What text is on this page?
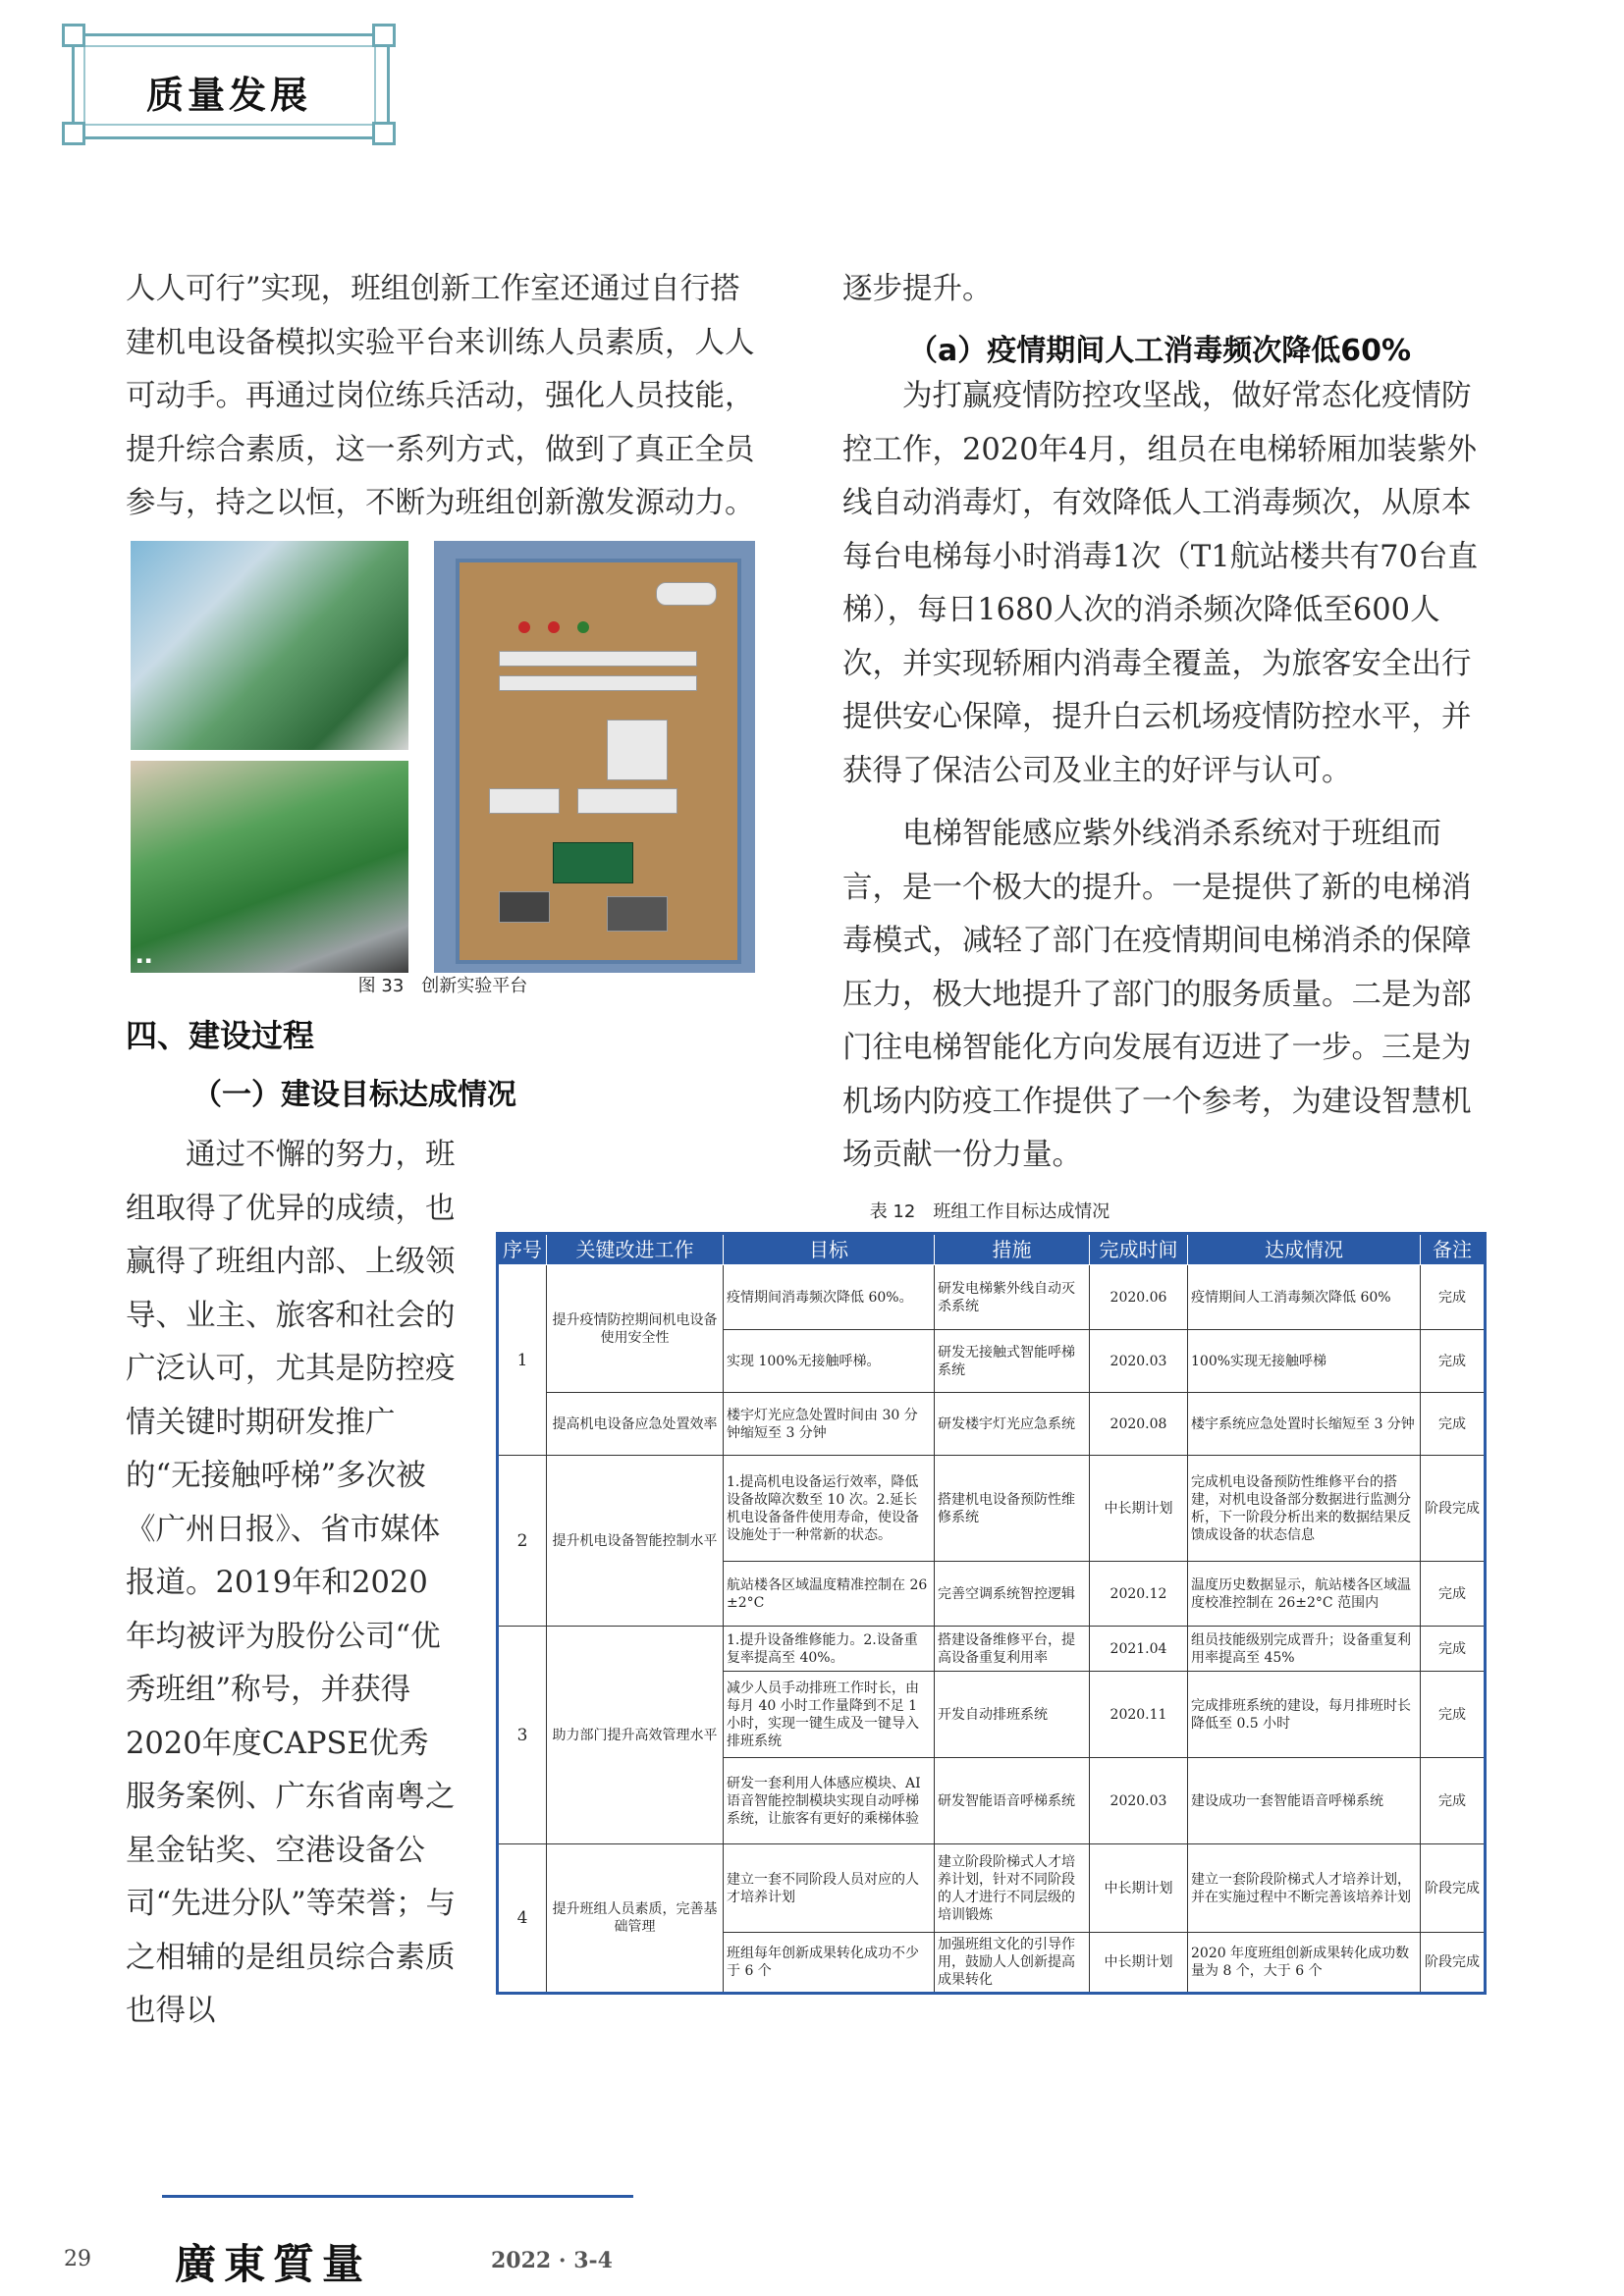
质量发展

人人可行”实现，班组创新工作室还通过自行搭建机电设备模拟实验平台来训练人员素质，人人可动手。再通过岗位练兵活动，强化人员技能，提升综合素质，这一系列方式，做到了真正全员参与，持之以恒，不断为班组创新激发源动力。

▪ ▪
图 33　创新实验平台
四、建设过程
（一）建设目标达成情况

通过不懈的努力，班组取得了优异的成绩，也赢得了班组内部、上级领导、业主、旅客和社会的广泛认可，尤其是防控疫情关键时期研发推广的“无接触呼梯”多次被《广州日报》、省市媒体报道。2019年和2020年均被评为股份公司“优秀班组”称号，并获得2020年度CAPSE优秀服务案例、广东省南粤之星金钻奖、空港设备公司“先进分队”等荣誉；与之相辅的是组员综合素质也得以

逐步提升。

为打赢疫情防控攻坚战，做好常态化疫情防控工作，2020年4月，组员在电梯轿厢加装紫外线自动消毒灯，有效降低人工消毒频次，从原本每台电梯每小时消毒1次（T1航站楼共有70台直梯），每日1680人次的消杀频次降低至600人次，并实现轿厢内消毒全覆盖，为旅客安全出行提供安心保障，提升白云机场疫情防控水平，并获得了保洁公司及业主的好评与认可。

电梯智能感应紫外线消杀系统对于班组而言，是一个极大的提升。一是提供了新的电梯消毒模式，减轻了部门在疫情期间电梯消杀的保障压力，极大地提升了部门的服务质量。二是为部门往电梯智能化方向发展有迈进了一步。三是为机场内防疫工作提供了一个参考，为建设智慧机场贡献一份力量。

（a）疫情期间人工消毒频次降低60%
表 12　班组工作目标达成情况
序号	关键改进工作	目标	措施	完成时间	达成情况	备注
1	提升疫情防控期间机电设备使用安全性	疫情期间消毒频次降低 60%。	研发电梯紫外线自动灭杀系统	2020.06	疫情期间人工消毒频次降低 60%	完成
		实现 100%无接触呼梯。	研发无接触式智能呼梯系统	2020.03	100%实现无接触呼梯	完成
	提高机电设备应急处置效率	楼宇灯光应急处置时间由 30 分钟缩短至 3 分钟	研发楼宇灯光应急系统	2020.08	楼宇系统应急处置时长缩短至 3 分钟	完成
2	提升机电设备智能控制水平	1.提高机电设备运行效率，降低设备故障次数至 10 次。2.延长机电设备备件使用寿命，使设备设施处于一种常新的状态。	搭建机电设备预防性维修系统	中长期计划	完成机电设备预防性维修平台的搭建，对机电设备部分数据进行监测分析，下一阶段分析出来的数据结果反馈成设备的状态信息	阶段完成
		航站楼各区域温度精准控制在 26±2°C	完善空调系统智控逻辑	2020.12	温度历史数据显示，航站楼各区域温度校准控制在 26±2°C 范围内	完成
3	助力部门提升高效管理水平	1.提升设备维修能力。2.设备重复率提高至 40%。	搭建设备维修平台，提高设备重复利用率	2021.04	组员技能级别完成晋升；设备重复利用率提高至 45%	完成
		减少人员手动排班工作时长，由每月 40 小时工作量降到不足 1 小时，实现一键生成及一键导入排班系统	开发自动排班系统	2020.11	完成排班系统的建设，每月排班时长降低至 0.5 小时	完成
		研发一套利用人体感应模块、AI 语音智能控制模块实现自动呼梯系统，让旅客有更好的乘梯体验	研发智能语音呼梯系统	2020.03	建设成功一套智能语音呼梯系统	完成
4	提升班组人员素质，完善基础管理	建立一套不同阶段人员对应的人才培养计划	建立阶段阶梯式人才培养计划，针对不同阶段的人才进行不同层级的培训锻炼	中长期计划	建立一套阶段阶梯式人才培养计划，并在实施过程中不断完善该培养计划	阶段完成
		班组每年创新成果转化成功不少于 6 个	加强班组文化的引导作用，鼓励人人创新提高成果转化	中长期计划	2020 年度班组创新成果转化成功数量为 8 个，大于 6 个	阶段完成
29 廣東質量	2022 · 3-4
